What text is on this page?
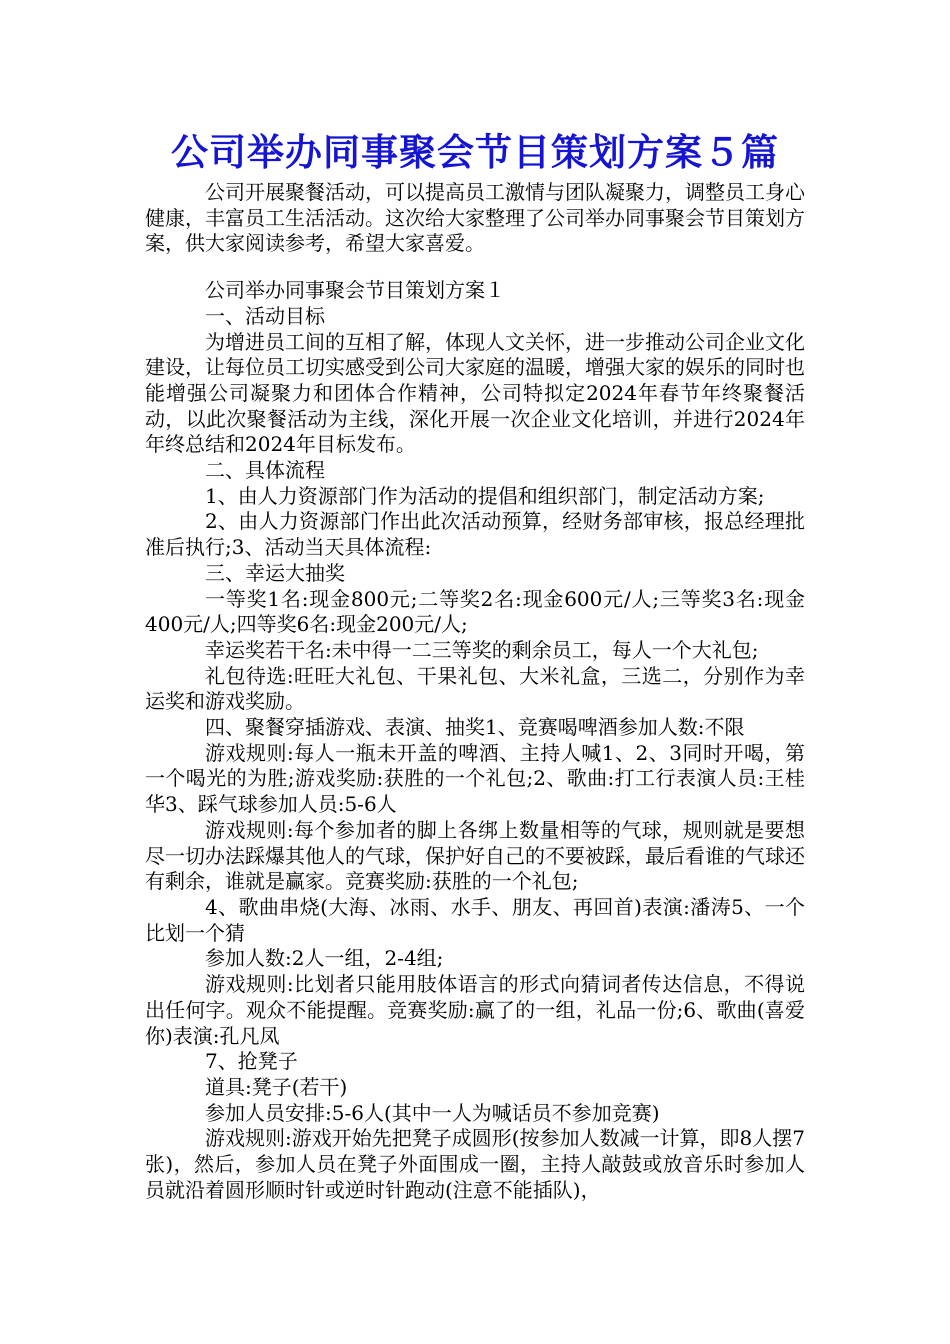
公司举办同事聚会节目策划方案５篇

公司开展聚餐活动，可以提高员工激情与团队凝聚力，调整员工身心健康，丰富员工生活活动。这次给大家整理了公司举办同事聚会节目策划方案，供大家阅读参考，希望大家喜爱。

公司举办同事聚会节目策划方案１

一、活动目标

为增进员工间的互相了解，体现人文关怀，进一步推动公司企业文化建设，让每位员工切实感受到公司大家庭的温暖，增强大家的娱乐的同时也能增强公司凝聚力和团体合作精神，公司特拟定2024年春节年终聚餐活动，以此次聚餐活动为主线，深化开展一次企业文化培训，并进行2024年年终总结和2024年目标发布。

二、具体流程

1、由人力资源部门作为活动的提倡和组织部门，制定活动方案;

2、由人力资源部门作出此次活动预算，经财务部审核，报总经理批准后执行;3、活动当天具体流程:

三、幸运大抽奖

一等奖1名:现金800元;二等奖2名:现金600元/人;三等奖3名:现金400元/人;四等奖6名:现金200元/人;

幸运奖若干名:未中得一二三等奖的剩余员工，每人一个大礼包;

礼包待选:旺旺大礼包、干果礼包、大米礼盒，三选二，分别作为幸运奖和游戏奖励。

四、聚餐穿插游戏、表演、抽奖1、竞赛喝啤酒参加人数:不限

游戏规则:每人一瓶未开盖的啤酒、主持人喊1、2、3同时开喝，第一个喝光的为胜;游戏奖励:获胜的一个礼包;2、歌曲:打工行表演人员:王桂华3、踩气球参加人员:5-6人

游戏规则:每个参加者的脚上各绑上数量相等的气球，规则就是要想尽一切办法踩爆其他人的气球，保护好自己的不要被踩，最后看谁的气球还有剩余，谁就是赢家。竞赛奖励:获胜的一个礼包;

4、歌曲串烧(大海、冰雨、水手、朋友、再回首)表演:潘涛5、一个比划一个猜

参加人数:2人一组，2-4组;

游戏规则:比划者只能用肢体语言的形式向猜词者传达信息，不得说出任何字。观众不能提醒。竞赛奖励:赢了的一组，礼品一份;6、歌曲(喜爱你)表演:孔凡凤

7、抢凳子

道具:凳子(若干)

参加人员安排:5-6人(其中一人为喊话员不参加竞赛)

游戏规则:游戏开始先把凳子成圆形(按参加人数减一计算，即8人摆7张)，然后，参加人员在凳子外面围成一圈，主持人敲鼓或放音乐时参加人员就沿着圆形顺时针或逆时针跑动(注意不能插队)，
